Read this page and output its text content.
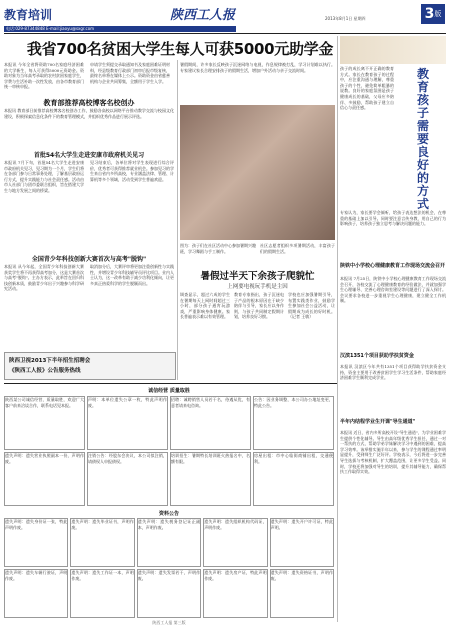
教育培训	陕西工人报	2013年8月1日 星期四	3 版
电话:029-87344848 E-mail:jiaoyu@sxgr.com
我省700名贫困大学生每人可获5000元助学金
本报讯 今年全省将资助700名家庭经济困难的大学新生，每人可获得5000元资助金。资助对象为当年高考录取的农村贫困家庭学生，学费与生活补助一次性发放，由各市教育部门统一审核申报。
申请学生须提交录取通知书及家庭困难证明材料，经县级教育行政部门初审后报市级复核，最终名单将在媒体上公示。资助资金由省慈善机构与企业共同筹集，全额用于学生入学。
教育部推荐高校博客名校创办
本报讯 教育部日前推荐高校博客名校创办工作，鼓励各高校以网络平台推动教学交流与校园文化建设，积极探索信息化条件下的教育管理模式，并组织优秀作品进行展示评选。
首批54名大学生走进安康市政府机关见习
本报讯 7月下旬，首批54名大学生走进安康市政府机关见习，见习期为一个月，学生们将在各部门参与日常事务处理，了解基层政府运行方式，提升实践能力与社会责任感。活动由市人社部门与团市委联合组织，旨在搭建大学生与地方发展之间的桥梁。
见习结束后，各单位将对学生表现进行综合评价，优秀者可获得推荐就业机会。参加见习的学生来自省内多所高校，专业涵盖法律、管理、计算机等多个领域，活动受到学生普遍欢迎。
全国青少年科技创新大赛首次与高考"脱钩"
本报讯 从今年起，全国青少年科技创新大赛获奖学生将不再获得高考加分，这是大赛首次与高考"脱钩"。主办方表示，此举旨在回归科技创新本质，鼓励青少年出于兴趣参与科学研究活动。
取消加分后，大赛评审将更加注重创新性与实践性，并增设青少年科技辅导员评比项目。业内人士认为，这一改革有助于减少功利化倾向，让更多真正热爱科学的学生脱颖而出。
陕西卫视2013下半年招生招聘会
《陕西工人报》公告服务热线
暑假期间，许多家长反映孩子沉迷网络与电视，作息规律被打乱，学习计划难以执行。专家建议家长合理安排孩子的假期生活，增加户外活动与亲子交流时间。
图为：孩子们在社区活动中心参加暑期兴趣班，学习舞蹈与手工制作。
社区志愿者组织多项暑期活动，丰富孩子们的假期生活。
暑假过半天下余孩子爬貌忙
上网要电视玩手机是主因
调查显示，超过六成的学生在暑期每天上网时间超过三小时，部分孩子通宵玩游戏，严重影响身体健康。家长普遍表示难以有效管理。
教育专家指出，孩子沉迷电子产品的根本原因在于缺少陪伴与引导，家长应以身作则，与孩子共同制定假期计划，培养良好习惯。
学校也应加强暑期引导，布置实践类作业，鼓励学生参加社会公益活动，让假期成为成长的好时机。（记者 王敏）
孩子的成长离不开正确的教育方式。家长在教育孩子的过程中，应注重沟通与理解，尊重孩子的个性，避免简单粗暴的说教。良好的家庭氛围是孩子健康成长的基础，父母应多陪伴、多鼓励，帮助孩子建立自信心与责任感。
教
育
孩
子
需
要
良
好
的
方
式
专家认为，家长要学会倾听，给孩子表达想法的机会，在尊重的基础上加以引导。同时要注意言传身教，用自己的行为影响孩子，培养孩子独立思考与解决问题的能力。
陕铁中小学校心理健康教育工作现场交流会召开
本报讯 7月25日，陕铁中小学校心理健康教育工作现场交流会召开，各校交流了心理健康教育的经验做法，并就加强学生心理辅导、完善心理咨询室建设等问题进行了深入探讨。会议要求各校进一步重视学生心理健康，建立健全工作机制。
汉滨1351个项目获助学扶贫资金
本报讯 汉滨区今年共有1351个项目获得助学扶贫资金支持，资金主要用于改善贫困学生学习生活条件，帮助家庭经济困难学生顺利完成学业。
半年内结程学业生开课"导生通道"
本报讯 近日，省内多所高校开设"导生通道"，为学业困难学生提供个性化辅导。导生由高年级优秀学生担任，通过一对一帮扶的方式，帮助学弟学妹解决学习中遇到的困难，提高学习效率。该举措实施半年以来，参与学生的课程通过率明显提升，受到师生广泛好评。学校表示，今后将进一步完善导生选拔与考核机制，扩大覆盖范围，让更多学生受益。同时，学校还将加强对导生的培训，提升其辅导能力，确保帮扶工作取得实效。
诚信经营 质量取胜
陕西某公司诚信经营，质量取胜，欢迎广大客户前来洽谈合作，联系电话见本报。
声明：本单位遗失公章一枚，特此声明作废。
招聘：诚聘销售人员若干名，待遇从优，有意者请来电咨询。
公告：因业务调整，本公司办公地址变更，特此公告。
遗失声明：遗失营业执照副本一份，声明作废。
注销公告：经股东会决议，本公司拟注销，请债权人申报债权。
培训招生：暑期特长培训班火热报名中，名额有限。
房屋出租：市中心临街商铺出租，交通便利。
资料公告
遗失声明：遗失身份证一张，特此声明作废。
遗失声明：遗失毕业证书，声明作废。
遗失声明：遗失税务登记证正副本，声明作废。
遗失声明：遗失组织机构代码证，声明作废。
遗失声明：遗失开户许可证，特此声明。
遗失声明：遗失车辆行驶证，声明作废。
遗失声明：遗失工作证一本，声明作废。
遗失声明：遗失发票若干，声明作废。
遗失声明：遗失房产证，特此声明作废。
遗失声明：遗失资格证书，声明作废。
陕西工人报 第三版
